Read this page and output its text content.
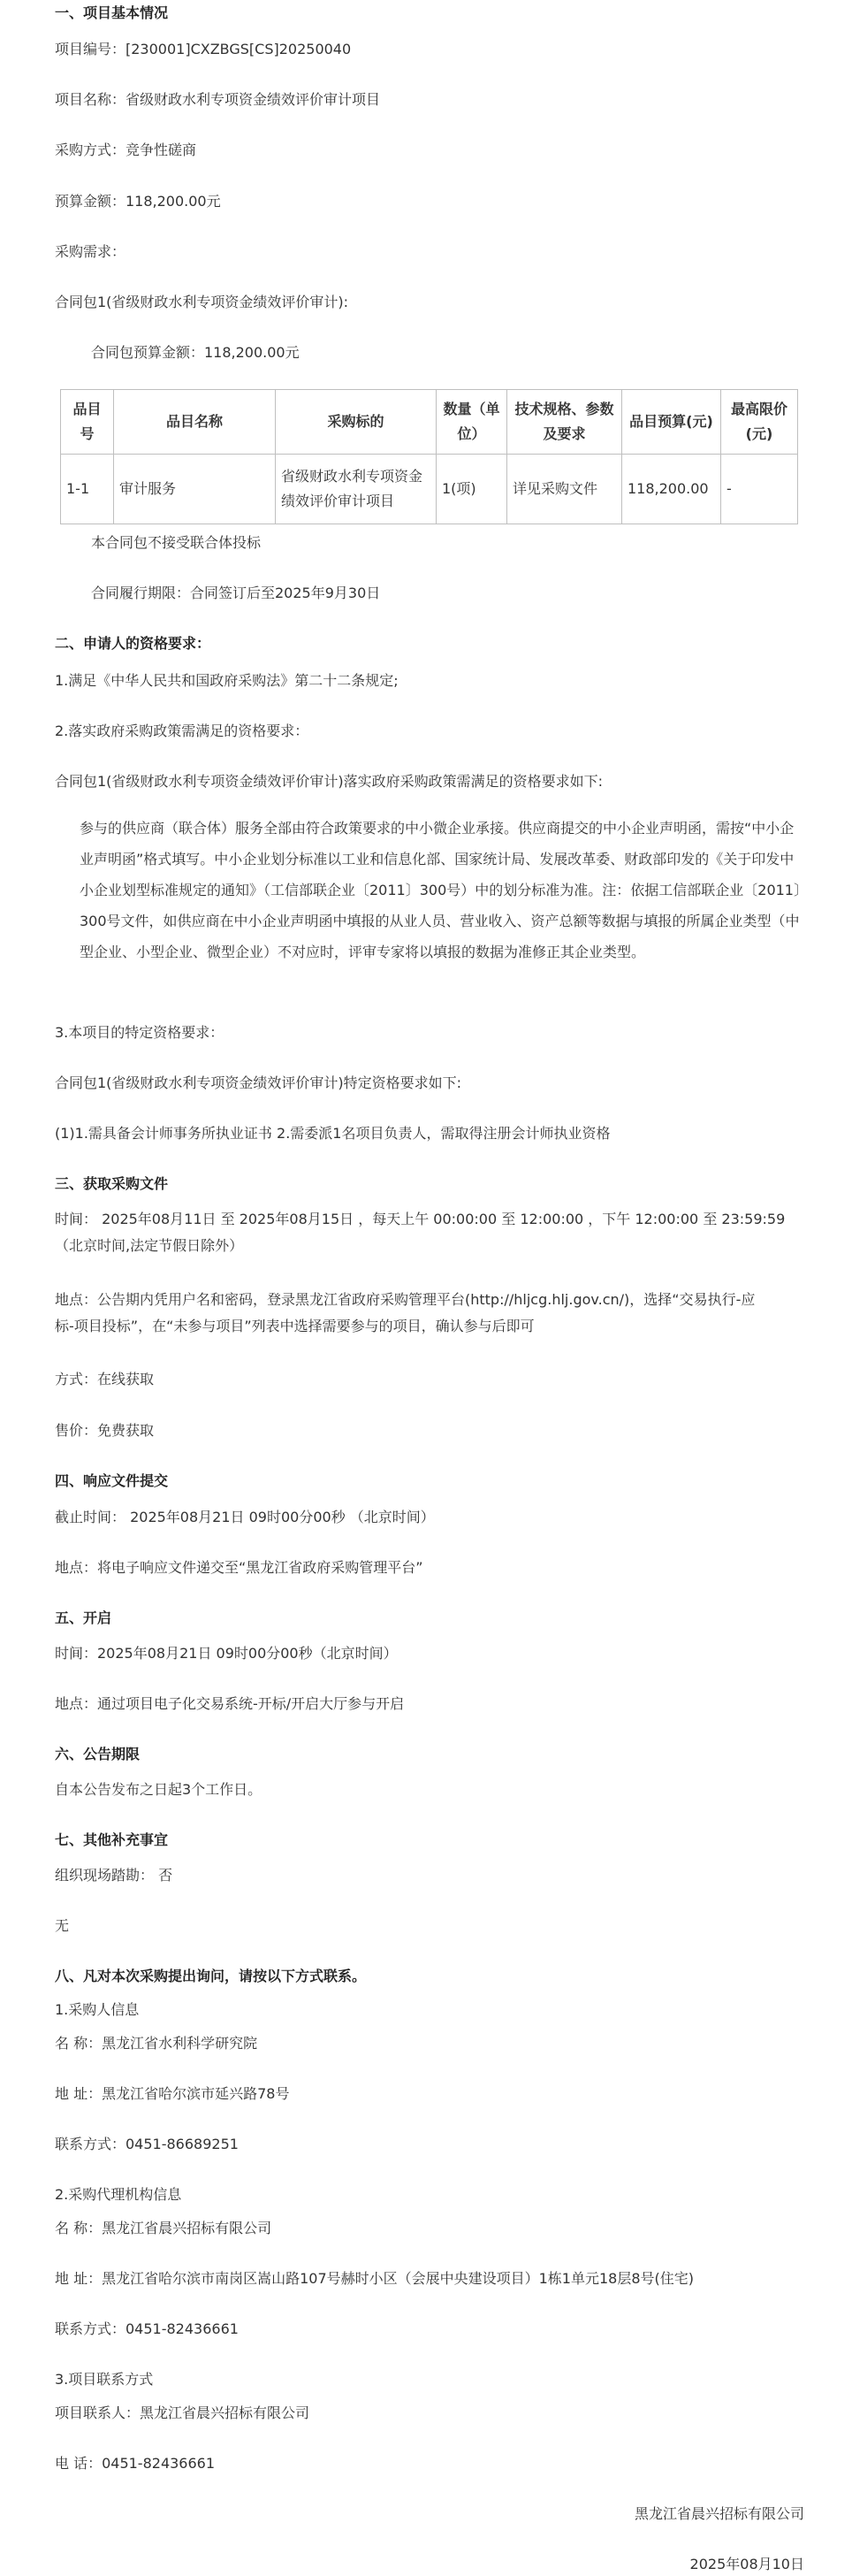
一、项目基本情况
项目编号：[230001]CXZBGS[CS]20250040
项目名称：省级财政水利专项资金绩效评价审计项目
采购方式：竞争性磋商
预算金额：118,200.00元
采购需求：
合同包1(省级财政水利专项资金绩效评价审计):
合同包预算金额：118,200.00元
品目号	品目名称	采购标的	数量（单位）	技术规格、参数及要求	品目预算(元)	最高限价(元)
1-1	审计服务	省级财政水利专项资金绩效评价审计项目	1(项)	详见采购文件	118,200.00	-
本合同包不接受联合体投标
合同履行期限：合同签订后至2025年9月30日
二、申请人的资格要求：
1.满足《中华人民共和国政府采购法》第二十二条规定;
2.落实政府采购政策需满足的资格要求：
合同包1(省级财政水利专项资金绩效评价审计)落实政府采购政策需满足的资格要求如下:
参与的供应商（联合体）服务全部由符合政策要求的中小微企业承接。供应商提交的中小企业声明函，需按“中小企业声明函”格式填写。中小企业划分标准以工业和信息化部、国家统计局、发展改革委、财政部印发的《关于印发中小企业划型标准规定的通知》（工信部联企业〔2011〕300号）中的划分标准为准。注：依据工信部联企业〔2011〕300号文件，如供应商在中小企业声明函中填报的从业人员、营业收入、资产总额等数据与填报的所属企业类型（中型企业、小型企业、微型企业）不对应时，评审专家将以填报的数据为准修正其企业类型。
3.本项目的特定资格要求：
合同包1(省级财政水利专项资金绩效评价审计)特定资格要求如下:
(1)1.需具备会计师事务所执业证书 2.需委派1名项目负责人，需取得注册会计师执业资格
三、获取采购文件
时间： 2025年08月11日 至 2025年08月15日 ，每天上午 00:00:00 至 12:00:00 ，下午 12:00:00 至 23:59:59
（北京时间,法定节假日除外）
地点：公告期内凭用户名和密码，登录黑龙江省政府采购管理平台(http://hljcg.hlj.gov.cn/)，选择“交易执行-应
标-项目投标”，在“未参与项目”列表中选择需要参与的项目，确认参与后即可
方式：在线获取
售价：免费获取
四、响应文件提交
截止时间： 2025年08月21日 09时00分00秒 （北京时间）
地点：将电子响应文件递交至“黑龙江省政府采购管理平台”
五、开启
时间：2025年08月21日 09时00分00秒（北京时间）
地点：通过项目电子化交易系统-开标/开启大厅参与开启
六、公告期限
自本公告发布之日起3个工作日。
七、其他补充事宜
组织现场踏勘： 否
无
八、凡对本次采购提出询问，请按以下方式联系。
1.采购人信息
名 称：黑龙江省水利科学研究院
地 址：黑龙江省哈尔滨市延兴路78号
联系方式：0451-86689251
2.采购代理机构信息
名 称：黑龙江省晨兴招标有限公司
地 址：黑龙江省哈尔滨市南岗区嵩山路107号赫时小区（会展中央建设项目）1栋1单元18层8号(住宅)
联系方式：0451-82436661
3.项目联系方式
项目联系人：黑龙江省晨兴招标有限公司
电 话：0451-82436661
黑龙江省晨兴招标有限公司
2025年08月10日
